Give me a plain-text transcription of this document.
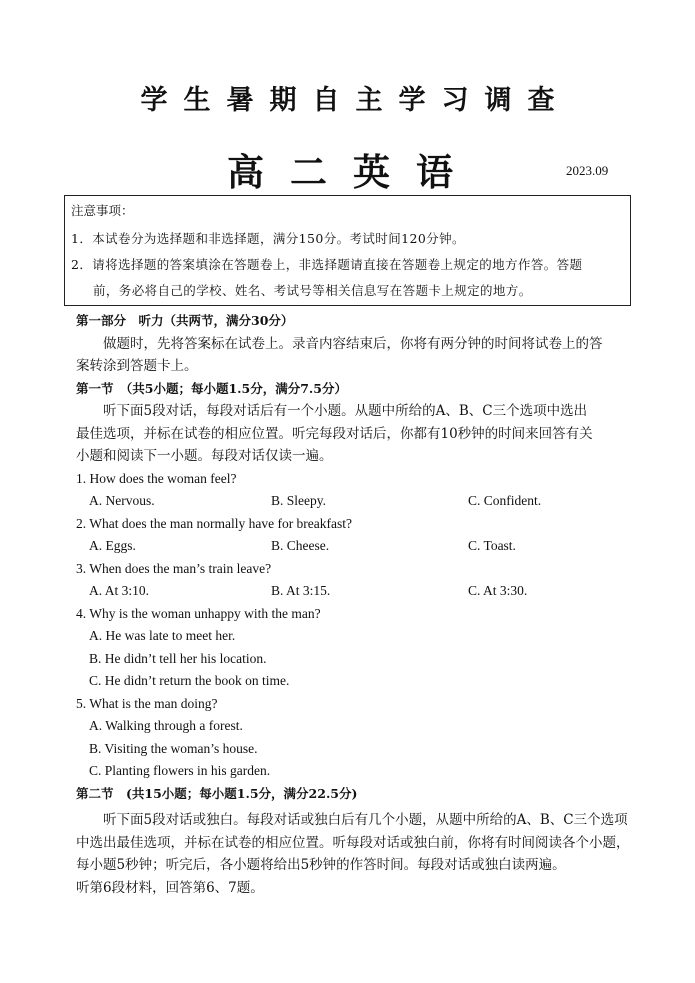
学生暑期自主学习调查
高二英语	2023.09
注意事项：
1．本试卷分为选择题和非选择题，满分150分。考试时间120分钟。
2．请将选择题的答案填涂在答题卷上，非选择题请直接在答题卷上规定的地方作答。答题
前，务必将自己的学校、姓名、考试号等相关信息写在答题卡上规定的地方。
第一部分　听力（共两节，满分30分）
做题时，先将答案标在试卷上。录音内容结束后，你将有两分钟的时间将试卷上的答
案转涂到答题卡上。
第一节　（共5小题；每小题1.5分，满分7.5分）
听下面5段对话，每段对话后有一个小题。从题中所给的A、B、C三个选项中选出
最佳选项，并标在试卷的相应位置。听完每段对话后，你都有10秒钟的时间来回答有关
小题和阅读下一小题。每段对话仅读一遍。
1. How does the woman feel?
A. Nervous.	B. Sleepy.	C. Confident.
2. What does the man normally have for breakfast?
A. Eggs.	B. Cheese.	C. Toast.
3. When does the man’s train leave?
A. At 3:10.	B. At 3:15.	C. At 3:30.
4. Why is the woman unhappy with the man?
A. He was late to meet her.
B. He didn’t tell her his location.
C. He didn’t return the book on time.
5. What is the man doing?
A. Walking through a forest.
B. Visiting the woman’s house.
C. Planting flowers in his garden.
第二节　(共15小题；每小题1.5分，满分22.5分)
听下面5段对话或独白。每段对话或独白后有几个小题，从题中所给的A、B、C三个选项
中选出最佳选项，并标在试卷的相应位置。听每段对话或独白前，你将有时间阅读各个小题，
每小题5秒钟；听完后，各小题将给出5秒钟的作答时间。每段对话或独白读两遍。
听第6段材料，回答第6、7题。
